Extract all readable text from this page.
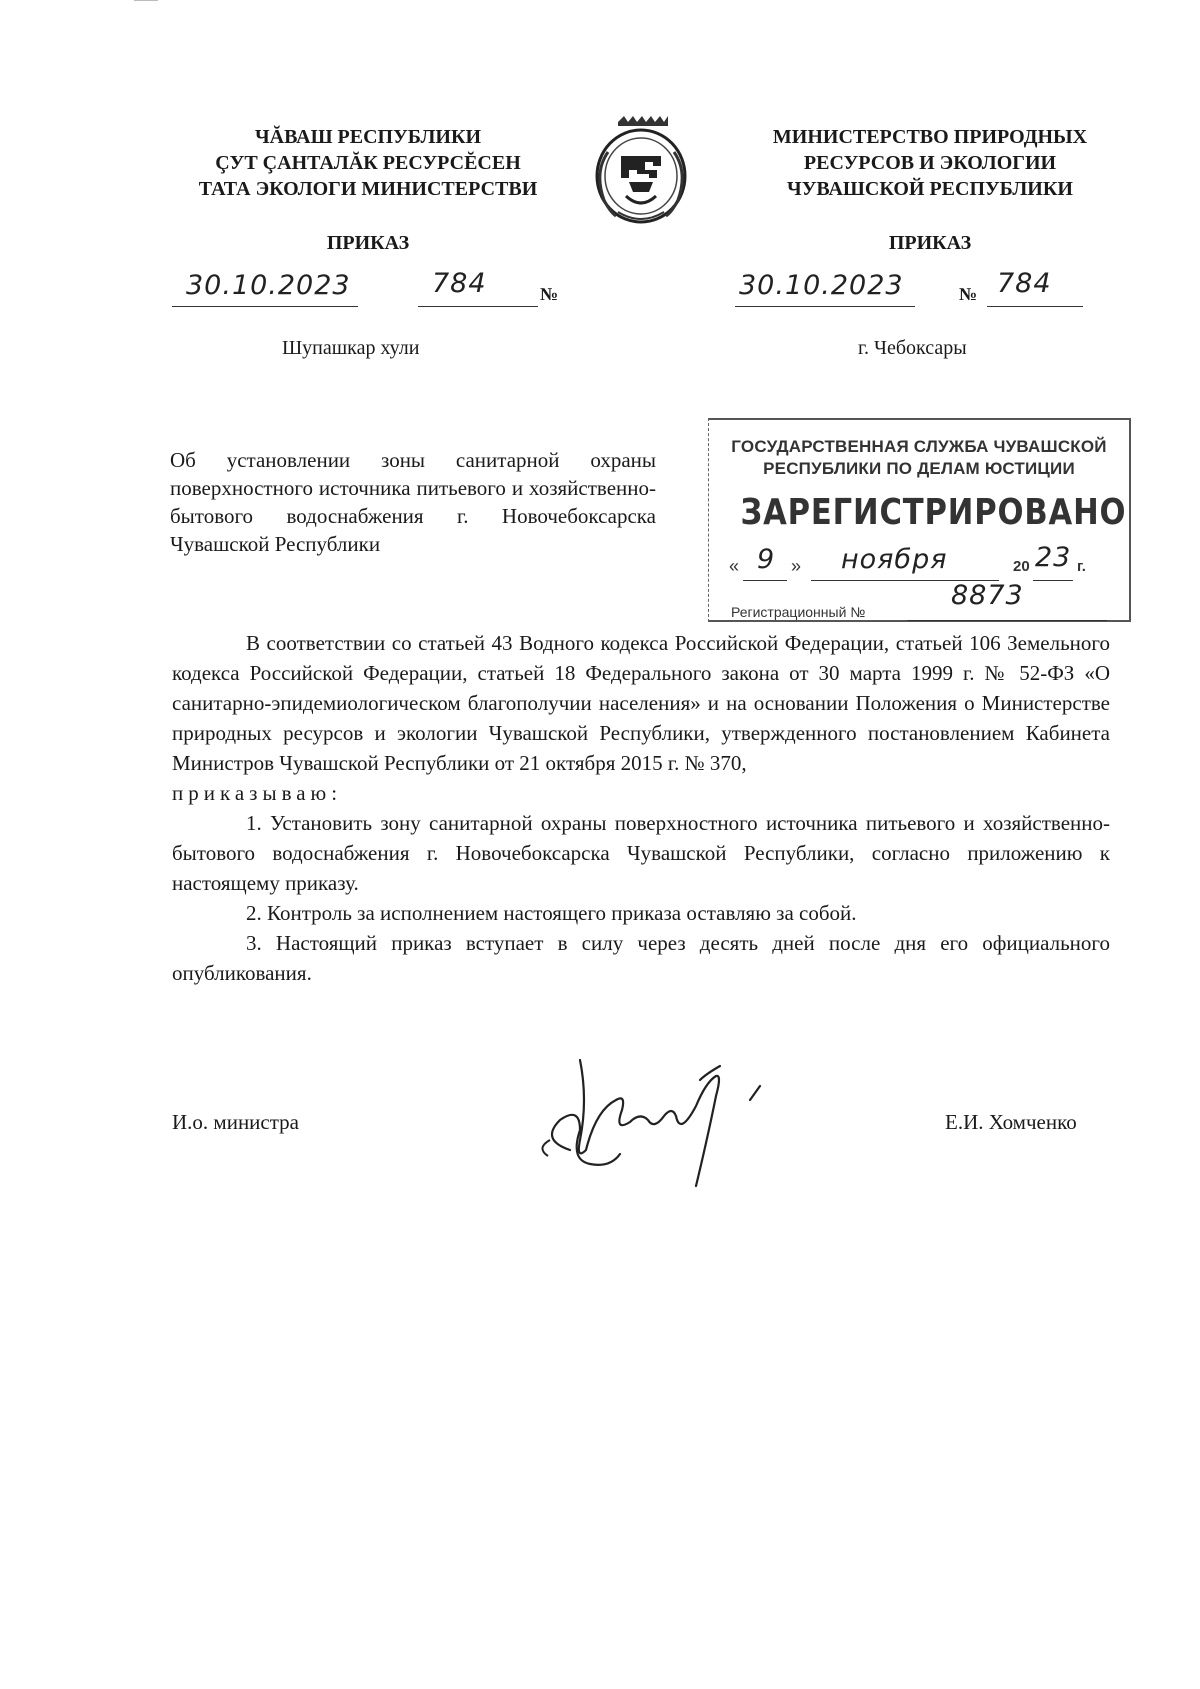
ЧĂВАШ РЕСПУБЛИКИ
ÇУТ ÇАНТАЛĂК РЕСУРСĔСЕН
ТАТА ЭКОЛОГИ МИНИСТЕРСТВИ
МИНИСТЕРСТВО ПРИРОДНЫХ
РЕСУРСОВ И ЭКОЛОГИИ
ЧУВАШСКОЙ РЕСПУБЛИКИ
ПРИКАЗ	ПРИКАЗ
30.10.2023	784	№	30.10.2023	№ 784
Шупашкар хули	г. Чебоксары
Об установлении зоны санитарной охраны поверхностного источника питьевого и хозяйственно-бытового водоснабжения г. Новочебоксарска Чувашской Республики
ГОСУДАРСТВЕННАЯ СЛУЖБА ЧУВАШСКОЙ
РЕСПУБЛИКИ ПО ДЕЛАМ ЮСТИЦИИ
ЗАРЕГИСТРИРОВАНО
« 9 » ноября	20 23 г.
Регистрационный №
8873

В соответствии со статьей 43 Водного кодекса Российской Федерации, статьей 106 Земельного кодекса Российской Федерации, статьей 18 Федерального закона от 30 марта 1999 г. № 52-ФЗ «О санитарно-эпидемиологическом благополучии населения» и на основании Положения о Министерстве природных ресурсов и экологии Чувашской Республики, утвержденного постановлением Кабинета Министров Чувашской Республики от 21 октября 2015 г. № 370,

приказываю:

1. Установить зону санитарной охраны поверхностного источника питьевого и хозяйственно-бытового водоснабжения г. Новочебоксарска Чувашской Республики, согласно приложению к настоящему приказу.

2. Контроль за исполнением настоящего приказа оставляю за собой.

3. Настоящий приказ вступает в силу через десять дней после дня его официального опубликования.

И.о. министра	Е.И. Хомченко
